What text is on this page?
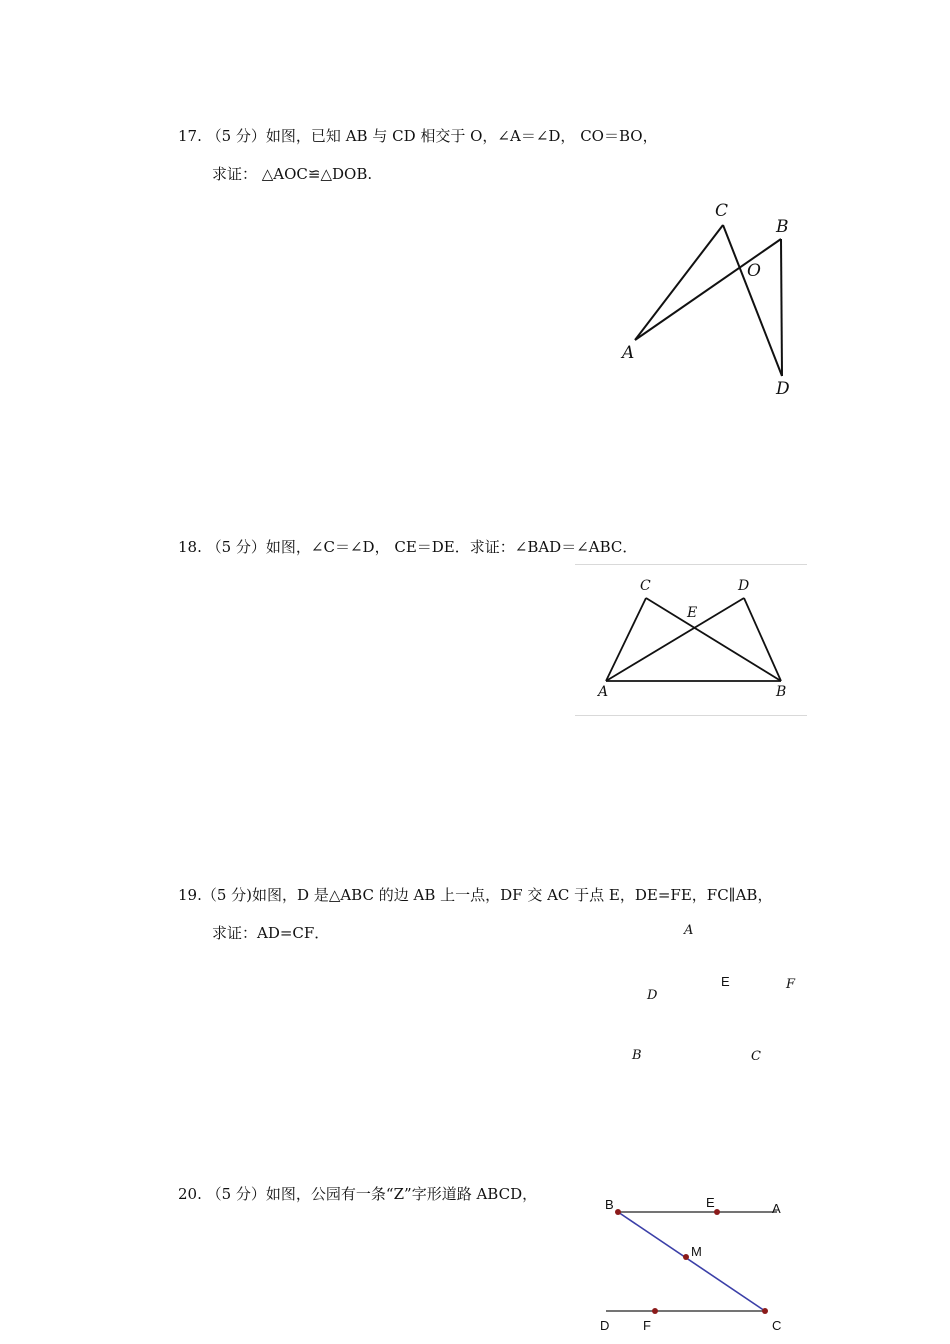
17. （5 分）如图，已知 AB 与 CD 相交于 O，∠A＝∠D， CO＝BO，
求证： △AOC≌△DOB.
C
B
O
A
D
18. （5 分）如图，∠C＝∠D， CE＝DE．求证：∠BAD＝∠ABC．
C	D
E
A	B
19.（5 分)如图，D 是△ABC 的边 AB 上一点，DF 交 AC 于点 E，DE=FE，FC∥AB，
求证：AD=CF．	A
E	F
D
B	C
20. （5 分）如图，公园有一条“Z”字形道路 ABCD，
B	E	A
M
D	F	C
